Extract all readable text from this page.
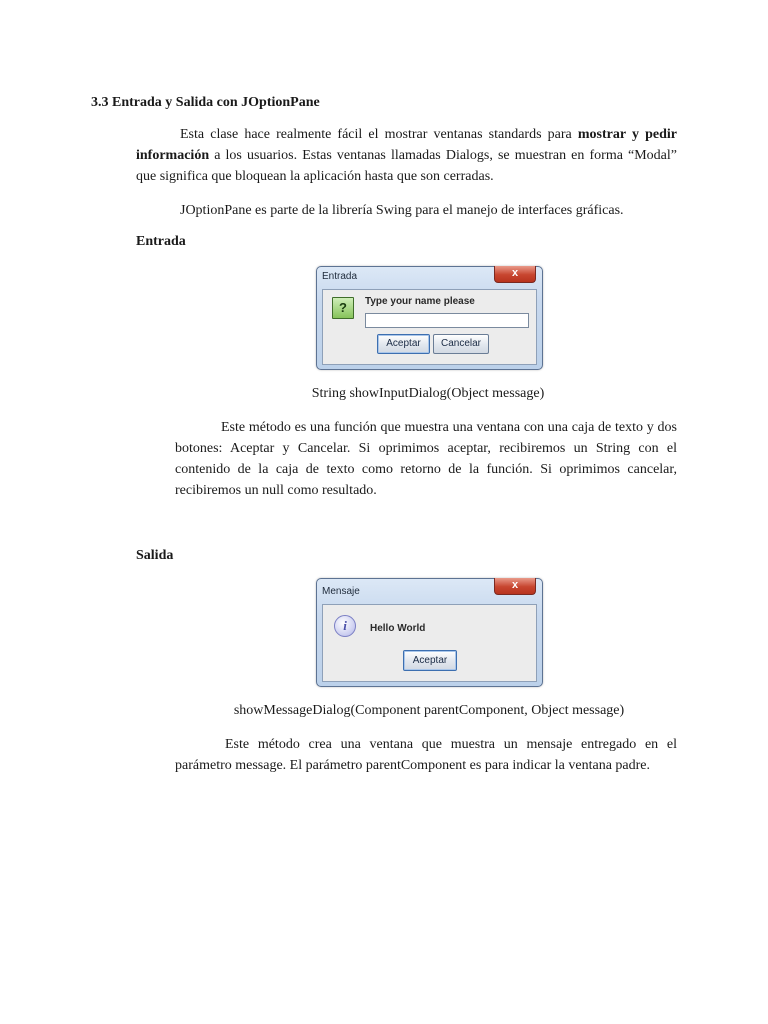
3.3 Entrada y Salida con JOptionPane
Esta clase hace realmente fácil el mostrar ventanas standards para mostrar y pedir información a los usuarios. Estas ventanas llamadas Dialogs, se muestran en forma “Modal” que significa que bloquean la aplicación hasta que son cerradas.
JOptionPane es parte de la librería Swing para el manejo de interfaces gráficas.
Entrada
Entrada	x
?	Type your name please
Aceptar	Cancelar
String showInputDialog(Object message)
Este método es una función que muestra una ventana con una caja de texto y dos botones: Aceptar y Cancelar. Si oprimimos aceptar, recibiremos un String con el contenido de la caja de texto como retorno de la función. Si oprimimos cancelar, recibiremos un null como resultado.
Salida
Mensaje
x
i	Hello World
Aceptar
showMessageDialog(Component parentComponent, Object message)
Este método crea una ventana que muestra un mensaje entregado en el parámetro message. El parámetro parentComponent es para indicar la ventana padre.
